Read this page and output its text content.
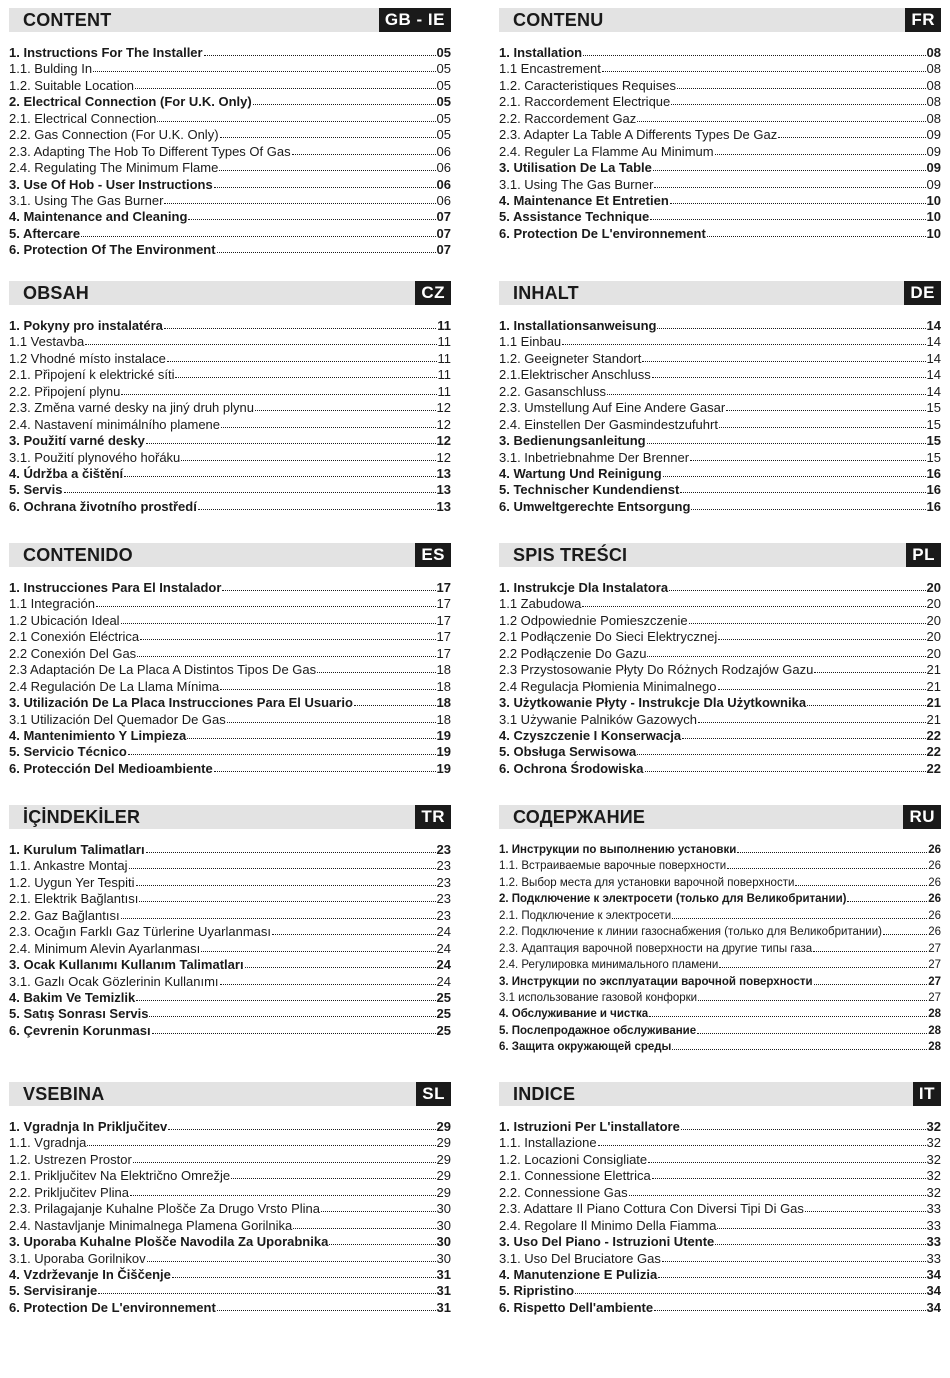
CONTENT	GB - IE
1. Instructions For The Installer	05
1.1. Bulding In	05
1.2. Suitable Location	05
2. Electrical Connection (For U.K. Only)	05
2.1. Electrical Connection	05
2.2. Gas Connection (For U.K. Only)	05
2.3. Adapting The Hob To Different Types Of Gas	06
2.4. Regulating The Minimum Flame	06
3. Use Of Hob - User Instructions	06
3.1. Using The Gas Burner	06
4. Maintenance and Cleaning	07
5. Aftercare	07
6. Protection Of The Environment	07
CONTENU	FR
1. Installation	08
1.1 Encastrement	08
1.2. Caracteristiques Requises	08
2.1. Raccordement Electrique	08
2.2. Raccordement Gaz	08
2.3. Adapter La Table A Differents Types De Gaz	09
2.4. Reguler La Flamme Au Minimum	09
3. Utilisation De La Table	09
3.1. Using The Gas Burner	09
4. Maintenance Et Entretien	10
5. Assistance Technique	10
6. Protection De L'environnement	10
OBSAH	CZ
1. Pokyny pro instalatéra	11
1.1 Vestavba	11
1.2 Vhodné místo instalace	11
2.1. Připojení k elektrické síti	11
2.2. Připojení plynu	11
2.3. Změna varné desky na jiný druh plynu	12
2.4. Nastavení minimálního plamene	12
3. Použití varné desky	12
3.1. Použití plynového hořáku	12
4. Údržba a čištění	13
5. Servis	13
6. Ochrana životního prostředí	13
INHALT	DE
1. Installationsanweisung	14
1.1 Einbau	14
1.2. Geeigneter Standort	14
2.1.Elektrischer Anschluss	14
2.2. Gasanschluss	14
2.3. Umstellung Auf Eine Andere Gasar	15
2.4. Einstellen Der Gasmindestzufuhrt	15
3. Bedienungsanleitung	15
3.1. Inbetriebnahme Der Brenner	15
4. Wartung Und Reinigung	16
5. Technischer Kundendienst	16
6. Umweltgerechte Entsorgung	16
CONTENIDO	ES
1. Instrucciones Para El Instalador	17
1.1 Integración	17
1.2 Ubicación Ideal	17
2.1 Conexión Eléctrica	17
2.2 Conexión Del Gas	17
2.3 Adaptación De La Placa A Distintos Tipos De Gas	18
2.4 Regulación De La Llama Mínima	18
3. Utilización De La Placa Instrucciones Para El Usuario	18
3.1 Utilización Del Quemador De Gas	18
4. Mantenimiento Y Limpieza	19
5. Servicio Técnico	19
6. Protección Del Medioambiente	19
SPIS TREŚCI	PL
1. Instrukcje Dla Instalatora	20
1.1 Zabudowa	20
1.2 Odpowiednie Pomieszczenie	20
2.1 Podłączenie Do Sieci Elektrycznej	20
2.2 Podłączenie Do Gazu	20
2.3 Przystosowanie Płyty Do Różnych Rodzajów Gazu	21
2.4 Regulacja Płomienia Minimalnego	21
3. Użytkowanie Płyty - Instrukcje Dla Użytkownika	21
3.1 Używanie Palników Gazowych	21
4. Czyszczenie I Konserwacja	22
5. Obsługa Serwisowa	22
6. Ochrona Środowiska	22
İÇİNDEKİLER	TR
1. Kurulum Talimatları	23
1.1. Ankastre Montaj	23
1.2. Uygun Yer Tespiti	23
2.1. Elektrik Bağlantısı	23
2.2. Gaz Bağlantısı	23
2.3. Ocağın Farklı Gaz Türlerine Uyarlanması	24
2.4. Minimum Alevin Ayarlanması	24
3. Ocak Kullanımı Kullanım Talimatları	24
3.1. Gazlı Ocak Gözlerinin Kullanımı	24
4. Bakim Ve Temizlik	25
5. Satış Sonrası Servis	25
6. Çevrenin Korunması	25
СОДЕРЖАНИЕ	RU
1. Инструкции по выполнению установки	26
1.1. Встраиваемые варочные поверхности	26
1.2. Выбор места для установки варочной поверхности	26
2. Подключение к электросети (только для Великобритании)	26
2.1. Подключение к электросети	26
2.2. Подключение к линии газоснабжения (только для Великобритании)	26
2.3. Адаптация варочной поверхности на другие типы газа	27
2.4. Регулировка минимального пламени	27
3. Инструкции по эксплуатации варочной поверхности	27
3.1 использование газовой конфорки	27
4. Обслуживание и чистка	28
5. Послепродажное обслуживание	28
6. Защита окружающей среды	28
VSEBINA	SL
1. Vgradnja In Priključitev	29
1.1. Vgradnja	29
1.2. Ustrezen Prostor	29
2.1. Priključitev Na Električno Omrežje	29
2.2. Priključitev Plina	29
2.3. Prilagajanje Kuhalne Plošče Za Drugo Vrsto Plina	30
2.4. Nastavljanje Minimalnega Plamena Gorilnika	30
3. Uporaba Kuhalne Plošče Navodila Za Uporabnika	30
3.1. Uporaba Gorilnikov	30
4. Vzdrževanje In Čiščenje	31
5. Servisiranje	31
6. Protection De L'environnement	31
INDICE	IT
1. Istruzioni Per L'installatore	32
1.1. Installazione	32
1.2. Locazioni Consigliate	32
2.1. Connessione Elettrica	32
2.2. Connessione Gas	32
2.3. Adattare Il Piano Cottura Con Diversi Tipi Di Gas	33
2.4. Regolare Il Minimo Della Fiamma	33
3. Uso Del Piano - Istruzioni Utente	33
3.1. Uso Del Bruciatore Gas	33
4. Manutenzione E Pulizia	34
5. Ripristino	34
6. Rispetto Dell'ambiente	34
